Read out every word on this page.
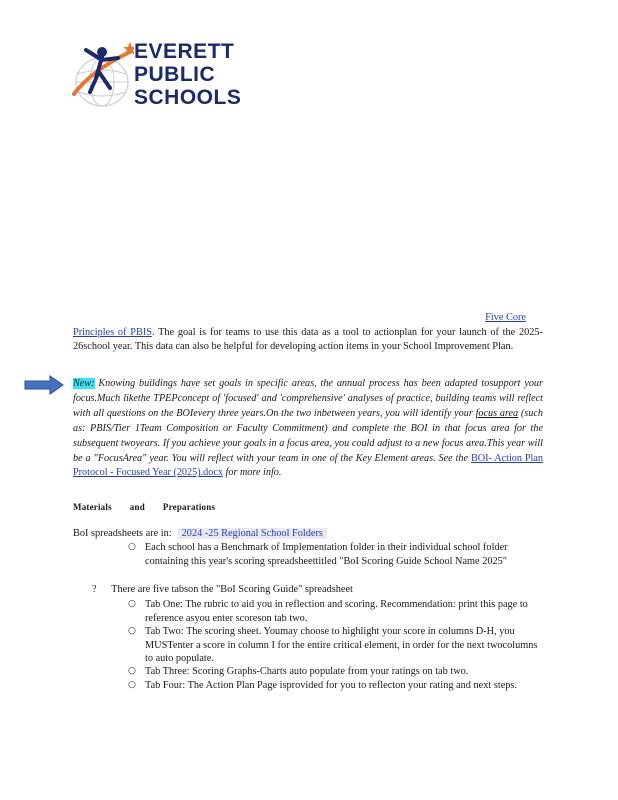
EVERETT
PUBLIC
SCHOOLS
Five Core
Principles of PBIS. The goal is for teams to use this data as a tool to actionplan for your launch of the 2025-26school year. This data can also be helpful for developing action items in your School Improvement Plan.
New: Knowing buildings have set goals in specific areas, the annual process has been adapted tosupport your focus.Much likethe TPEPconcept of 'focused' and 'comprehensive' analyses of practice, building teams will reflect with all questions on the BOIevery three years.On the two inbetween years, you will identify your focus area (such as: PBIS/Tier 1Team Composition or Faculty Commitment) and complete the BOI in that focus area for the subsequent twoyears. If you achieve your goals in a focus area, you could adjust to a new focus area.This year will be a "FocusArea" year. You will reflect with your team in one of the Key Element areas. See the BOI- Action Plan Protocol - Focused Year (2025).docx for more info.
Materials and Preparations
BoI spreadsheets are in: 2024 -25 Regional School Folders
○ Each school has a Benchmark of Implementation folder in their individual school folder containing this year's scoring spreadsheettitled "BoI Scoring Guide School Name 2025"
? There are five tabson the "BoI Scoring Guide" spreadsheet
○ Tab One: The rubric to aid you in reflection and scoring. Recommendation: print this page to reference asyou enter scoreson tab two.
○ Tab Two: The scoring sheet. Youmay choose to highlight your score in columns D-H, you MUSTenter a score in column I for the entire critical element, in order for the next twocolumns to auto populate.
○ Tab Three: Scoring Graphs-Charts auto populate from your ratings on tab two.
○ Tab Four: The Action Plan Page isprovided for you to reflecton your rating and next steps.
